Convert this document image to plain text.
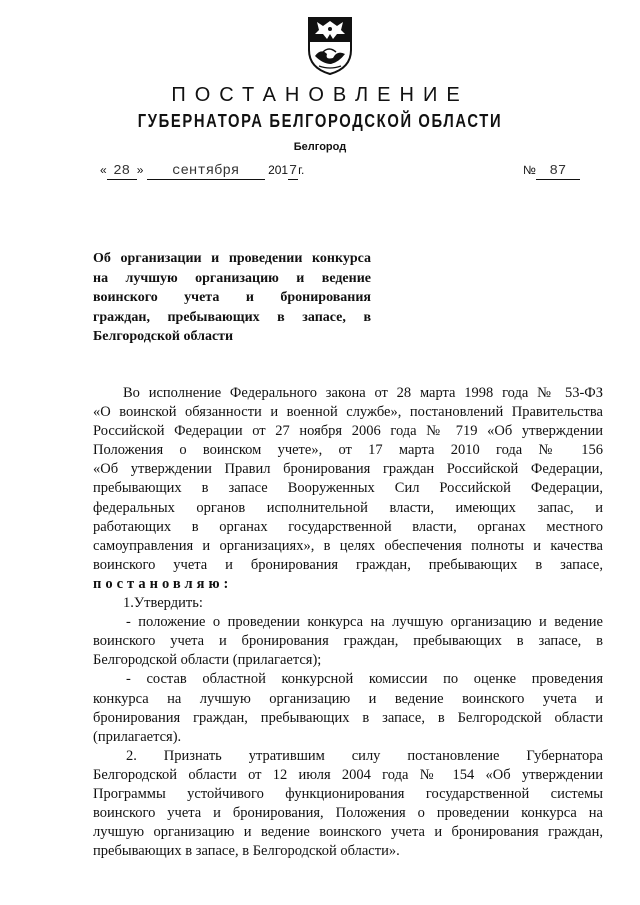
ПОСТАНОВЛЕНИЕ
ГУБЕРНАТОРА БЕЛГОРОДСКОЙ ОБЛАСТИ
Белгород
« 28 » сентября 2017г.	№ 87
Об организации и проведении конкурса
на лучшую организацию и ведение
воинского учета и бронирования
граждан, пребывающих в запасе, в
Белгородской области
Во исполнение Федерального закона от 28 марта 1998 года № 53-ФЗ
«О воинской обязанности и военной службе», постановлений Правительства
Российской Федерации от 27 ноября 2006 года № 719 «Об утверждении
Положения о воинском учете», от 17 марта 2010 года № 156
«Об утверждении Правил бронирования граждан Российской Федерации,
пребывающих в запасе Вооруженных Сил Российской Федерации,
федеральных органов исполнительной власти, имеющих запас, и
работающих в органах государственной власти, органах местного
самоуправления и организациях», в целях обеспечения полноты и качества
воинского учета и бронирования граждан, пребывающих в запасе,
постановляю:
1.Утвердить:
- положение о проведении конкурса на лучшую организацию и ведение
воинского учета и бронирования граждан, пребывающих в запасе, в
Белгородской области (прилагается);
- состав областной конкурсной комиссии по оценке проведения
конкурса на лучшую организацию и ведение воинского учета и
бронирования граждан, пребывающих в запасе, в Белгородской области
(прилагается).
2. Признать утратившим силу постановление Губернатора
Белгородской области от 12 июля 2004 года № 154 «Об утверждении
Программы устойчивого функционирования государственной системы
воинского учета и бронирования, Положения о проведении конкурса на
лучшую организацию и ведение воинского учета и бронирования граждан,
пребывающих в запасе, в Белгородской области».
